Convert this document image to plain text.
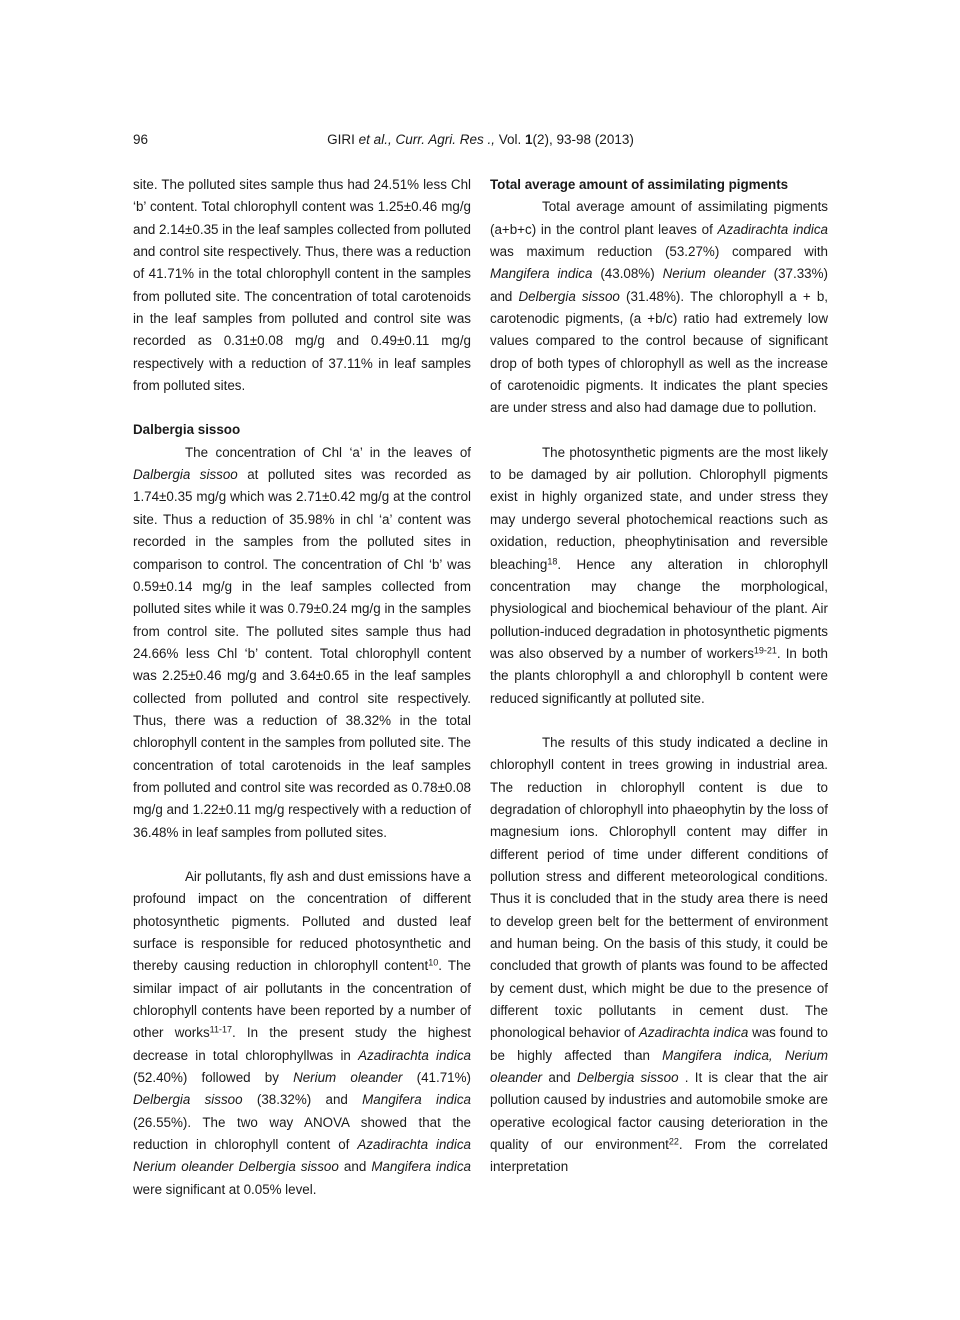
96	GIRI et al., Curr. Agri. Res ., Vol. 1(2), 93-98 (2013)

site. The polluted sites sample thus had 24.51% less Chl ‘b’ content. Total chlorophyll content was 1.25±0.46 mg/g and 2.14±0.35 in the leaf samples collected from polluted and control site respectively. Thus, there was a reduction of 41.71% in the total chlorophyll content in the samples from polluted site. The concentration of total carotenoids in the leaf samples from polluted and control site was recorded as 0.31±0.08 mg/g and 0.49±0.11 mg/g respectively with a reduction of 37.11% in leaf samples from polluted sites.

Dalbergia sissoo

The concentration of Chl ‘a’ in the leaves of Dalbergia sissoo at polluted sites was recorded as 1.74±0.35 mg/g which was 2.71±0.42 mg/g at the control site. Thus a reduction of 35.98% in chl ‘a’ content was recorded in the samples from the polluted sites in comparison to control. The concentration of Chl ‘b’ was 0.59±0.14 mg/g in the leaf samples collected from polluted sites while it was 0.79±0.24 mg/g in the samples from control site. The polluted sites sample thus had 24.66% less Chl ‘b’ content. Total chlorophyll content was 2.25±0.46 mg/g and 3.64±0.65 in the leaf samples collected from polluted and control site respectively. Thus, there was a reduction of 38.32% in the total chlorophyll content in the samples from polluted site. The concentration of total carotenoids in the leaf samples from polluted and control site was recorded as 0.78±0.08 mg/g and 1.22±0.11 mg/g respectively with a reduction of 36.48% in leaf samples from polluted sites.

Air pollutants, fly ash and dust emissions have a profound impact on the concentration of different photosynthetic pigments. Polluted and dusted leaf surface is responsible for reduced photosynthetic and thereby causing reduction in chlorophyll content$^{10}$. The similar impact of air pollutants in the concentration of chlorophyll contents have been reported by a number of other works$^{11-17}$. In the present study the highest decrease in total chlorophyllwas in Azadirachta indica (52.40%) followed by Nerium oleander (41.71%) Delbergia sissoo (38.32%) and Mangifera indica (26.55%). The two way ANOVA showed that the reduction in chlorophyll content of Azadirachta indica Nerium oleander Delbergia sissoo and Mangifera indica were significant at 0.05% level.

Total average amount of assimilating pigments

Total average amount of assimilating pigments (a+b+c) in the control plant leaves of Azadirachta indica was maximum reduction (53.27%) compared with Mangifera indica (43.08%) Nerium oleander (37.33%) and Delbergia sissoo (31.48%). The chlorophyll a + b, carotenodic pigments, (a +b/c) ratio had extremely low values compared to the control because of significant drop of both types of chlorophyll as well as the increase of carotenoidic pigments. It indicates the plant species are under stress and also had damage due to pollution.

The photosynthetic pigments are the most likely to be damaged by air pollution. Chlorophyll pigments exist in highly organized state, and under stress they may undergo several photochemical reactions such as oxidation, reduction, pheophytinisation and reversible bleaching$^{18}$. Hence any alteration in chlorophyll concentration may change the morphological, physiological and biochemical behaviour of the plant. Air pollution-induced degradation in photosynthetic pigments was also observed by a number of workers$^{19-21}$. In both the plants chlorophyll a and chlorophyll b content were reduced significantly at polluted site.

The results of this study indicated a decline in chlorophyll content in trees growing in industrial area. The reduction in chlorophyll content is due to degradation of chlorophyll into phaeophytin by the loss of magnesium ions. Chlorophyll content may differ in different period of time under different conditions of pollution stress and different meteorological conditions. Thus it is concluded that in the study area there is need to develop green belt for the betterment of environment and human being. On the basis of this study, it could be concluded that growth of plants was found to be affected by cement dust, which might be due to the presence of different toxic pollutants in cement dust. The phonological behavior of Azadirachta indica was found to be highly affected than Mangifera indica, Nerium oleander and Delbergia sissoo . It is clear that the air pollution caused by industries and automobile smoke are operative ecological factor causing deterioration in the quality of our environment$^{22}$. From the correlated interpretation
